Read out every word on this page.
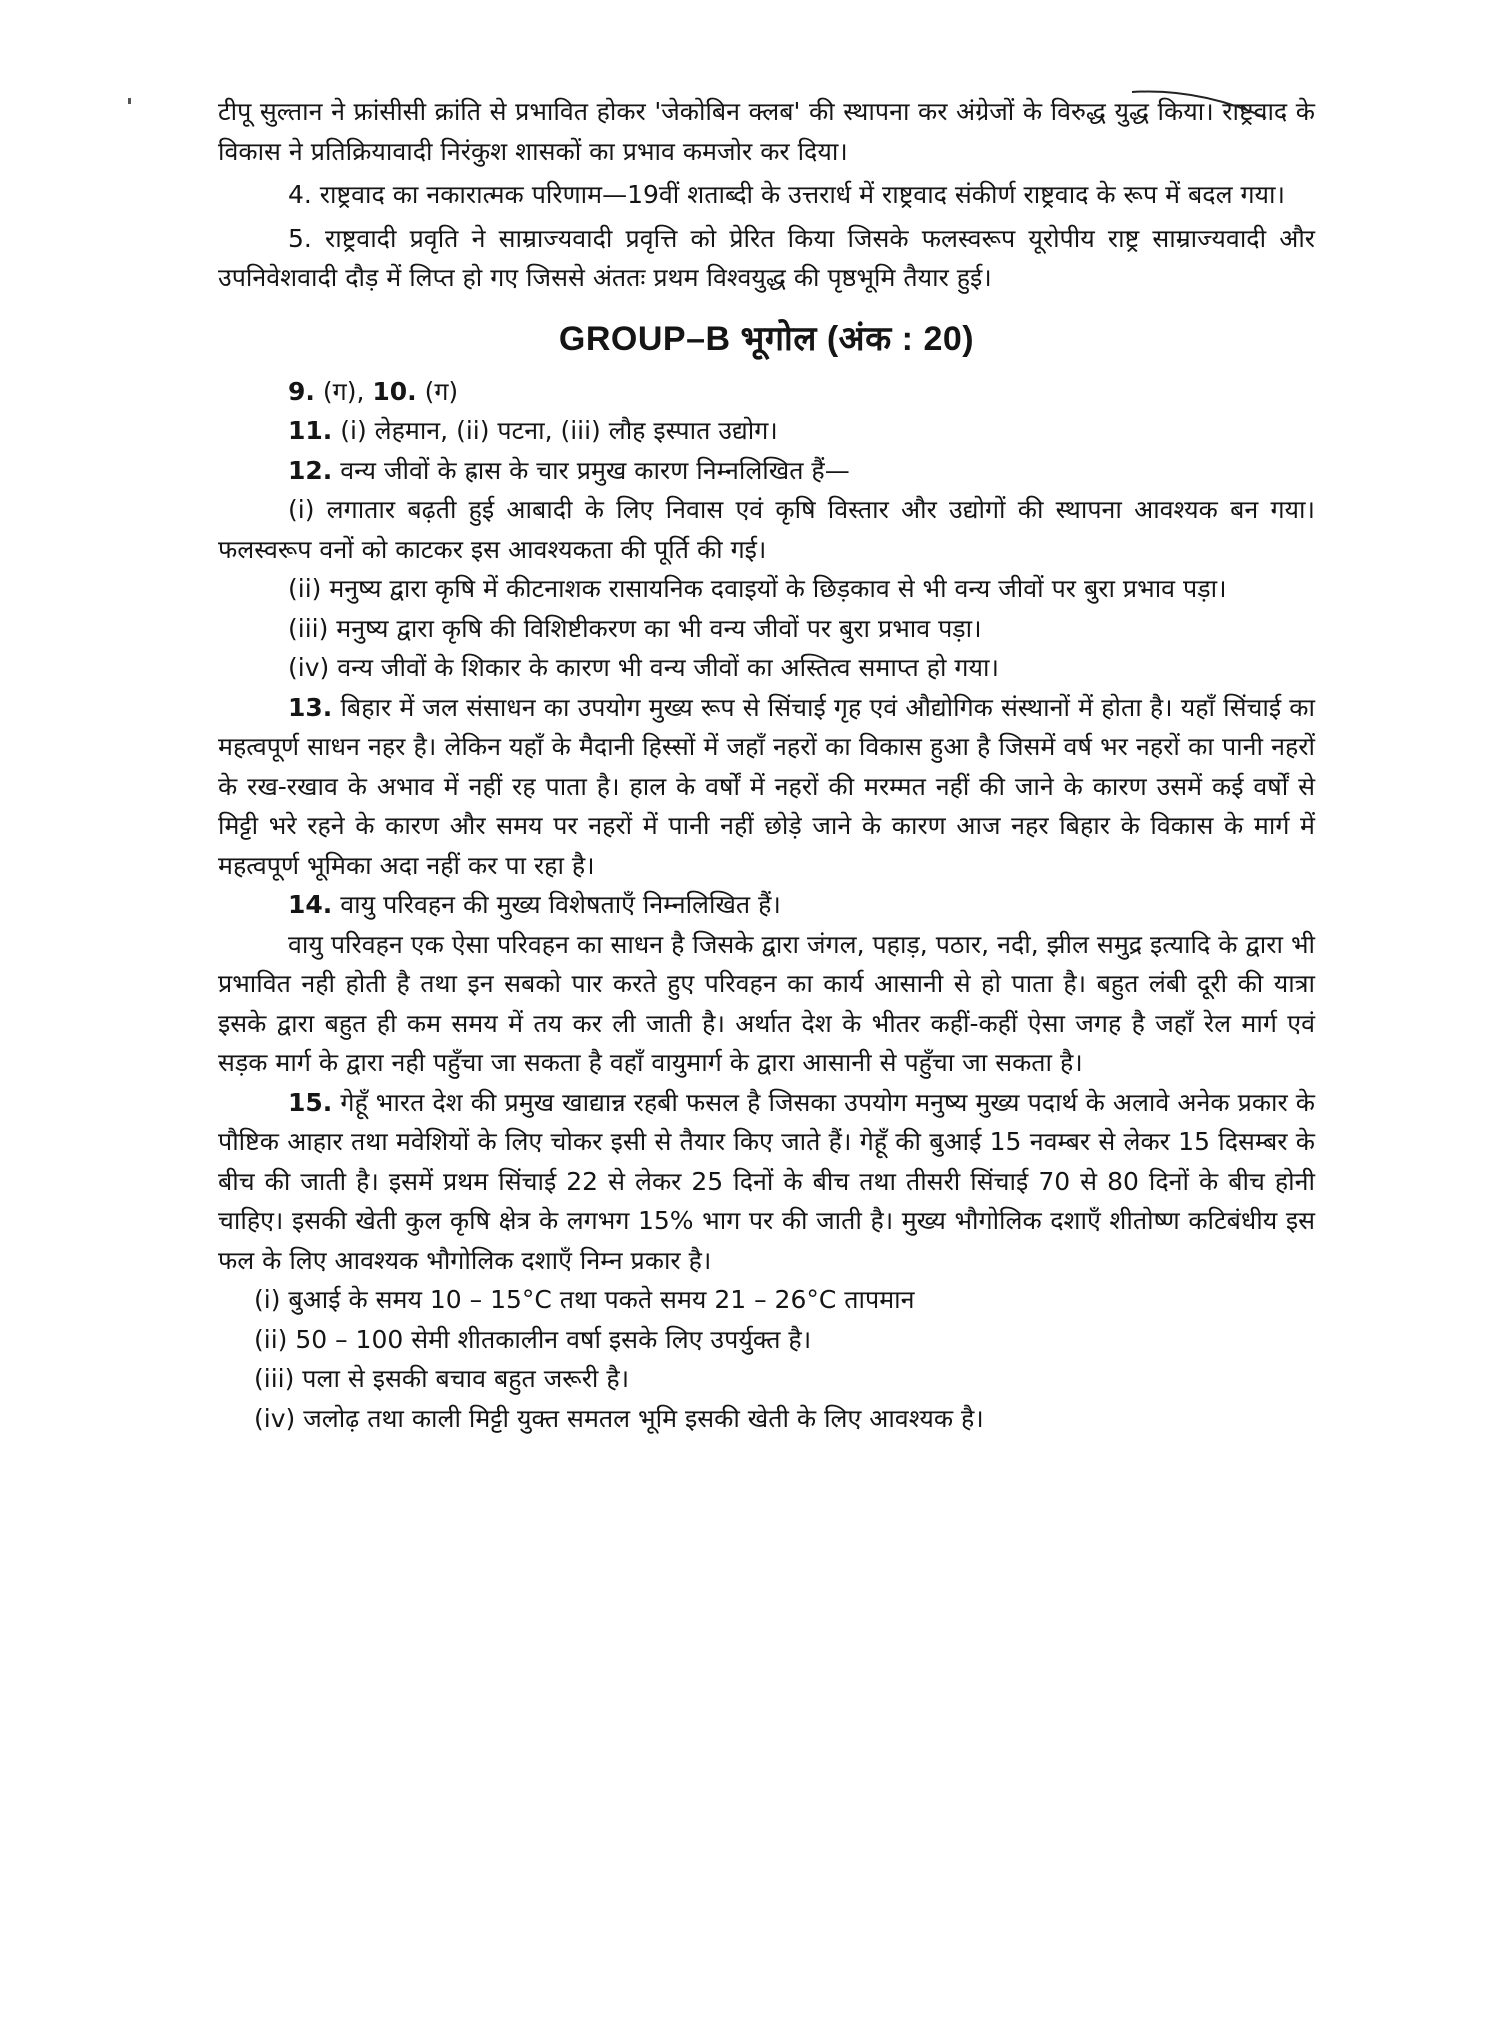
टीपू सुल्तान ने फ्रांसीसी क्रांति से प्रभावित होकर 'जेकोबिन क्लब' की स्थापना कर अंग्रेजों के विरुद्ध युद्ध किया। राष्ट्रवाद के विकास ने प्रतिक्रियावादी निरंकुश शासकों का प्रभाव कमजोर कर दिया।

4. राष्ट्रवाद का नकारात्मक परिणाम—19वीं शताब्दी के उत्तरार्ध में राष्ट्रवाद संकीर्ण राष्ट्रवाद के रूप में बदल गया।

5. राष्ट्रवादी प्रवृति ने साम्राज्यवादी प्रवृत्ति को प्रेरित किया जिसके फलस्वरूप यूरोपीय राष्ट्र साम्राज्यवादी और उपनिवेशवादी दौड़ में लिप्त हो गए जिससे अंततः प्रथम विश्वयुद्ध की पृष्ठभूमि तैयार हुई।

GROUP–B भूगोल (अंक : 20)

9. (ग), 10. (ग)

11. (i) लेहमान, (ii) पटना, (iii) लौह इस्पात उद्योग।

12. वन्य जीवों के ह्रास के चार प्रमुख कारण निम्नलिखित हैं—

(i) लगातार बढ़ती हुई आबादी के लिए निवास एवं कृषि विस्तार और उद्योगों की स्थापना आवश्यक बन गया। फलस्वरूप वनों को काटकर इस आवश्यकता की पूर्ति की गई।

(ii) मनुष्य द्वारा कृषि में कीटनाशक रासायनिक दवाइयों के छिड़काव से भी वन्य जीवों पर बुरा प्रभाव पड़ा।

(iii) मनुष्य द्वारा कृषि की विशिष्टीकरण का भी वन्य जीवों पर बुरा प्रभाव पड़ा।

(iv) वन्य जीवों के शिकार के कारण भी वन्य जीवों का अस्तित्व समाप्त हो गया।

13. बिहार में जल संसाधन का उपयोग मुख्य रूप से सिंचाई गृह एवं औद्योगिक संस्थानों में होता है। यहाँ सिंचाई का महत्वपूर्ण साधन नहर है। लेकिन यहाँ के मैदानी हिस्सों में जहाँ नहरों का विकास हुआ है जिसमें वर्ष भर नहरों का पानी नहरों के रख-रखाव के अभाव में नहीं रह पाता है। हाल के वर्षों में नहरों की मरम्मत नहीं की जाने के कारण उसमें कई वर्षों से मिट्टी भरे रहने के कारण और समय पर नहरों में पानी नहीं छोड़े जाने के कारण आज नहर बिहार के विकास के मार्ग में महत्वपूर्ण भूमिका अदा नहीं कर पा रहा है।

14. वायु परिवहन की मुख्य विशेषताएँ निम्नलिखित हैं।

वायु परिवहन एक ऐसा परिवहन का साधन है जिसके द्वारा जंगल, पहाड़, पठार, नदी, झील समुद्र इत्यादि के द्वारा भी प्रभावित नही होती है तथा इन सबको पार करते हुए परिवहन का कार्य आसानी से हो पाता है। बहुत लंबी दूरी की यात्रा इसके द्वारा बहुत ही कम समय में तय कर ली जाती है। अर्थात देश के भीतर कहीं-कहीं ऐसा जगह है जहाँ रेल मार्ग एवं सड़क मार्ग के द्वारा नही पहुँचा जा सकता है वहाँ वायुमार्ग के द्वारा आसानी से पहुँचा जा सकता है।

15. गेहूँ भारत देश की प्रमुख खाद्यान्न रहबी फसल है जिसका उपयोग मनुष्य मुख्य पदार्थ के अलावे अनेक प्रकार के पौष्टिक आहार तथा मवेशियों के लिए चोकर इसी से तैयार किए जाते हैं। गेहूँ की बुआई 15 नवम्बर से लेकर 15 दिसम्बर के बीच की जाती है। इसमें प्रथम सिंचाई 22 से लेकर 25 दिनों के बीच तथा तीसरी सिंचाई 70 से 80 दिनों के बीच होनी चाहिए। इसकी खेती कुल कृषि क्षेत्र के लगभग 15% भाग पर की जाती है। मुख्य भौगोलिक दशाएँ शीतोष्ण कटिबंधीय इस फल के लिए आवश्यक भौगोलिक दशाएँ निम्न प्रकार है।

(i) बुआई के समय 10 – 15°C तथा पकते समय 21 – 26°C तापमान

(ii) 50 – 100 सेमी शीतकालीन वर्षा इसके लिए उपर्युक्त है।

(iii) पला से इसकी बचाव बहुत जरूरी है।

(iv) जलोढ़ तथा काली मिट्टी युक्त समतल भूमि इसकी खेती के लिए आवश्यक है।
